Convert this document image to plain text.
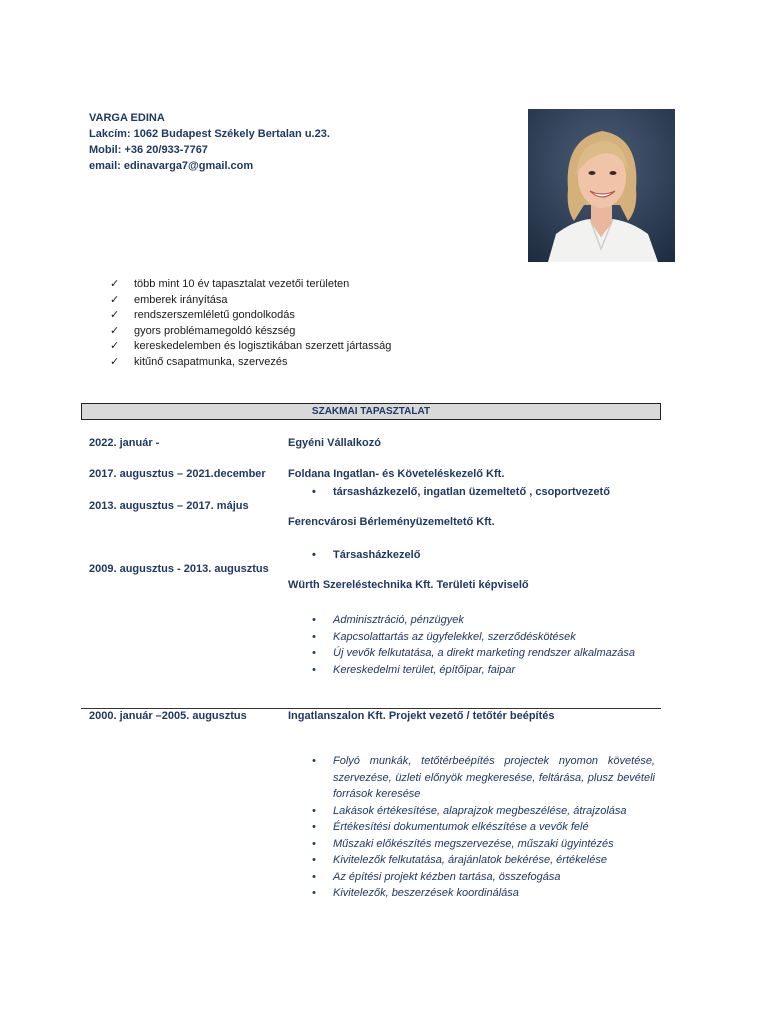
VARGA EDINA
Lakcím: 1062 Budapest Székely Bertalan u.23.
Mobil: +36 20/933-7767
email: edinavarga7@gmail.com
✓ több mint 10 év tapasztalat vezetői területen
✓ emberek irányítása
✓ rendszerszemléletű gondolkodás
✓ gyors problémamegoldó készség
✓ kereskedelemben és logisztikában szerzett jártasság
✓ kitűnő csapatmunka, szervezés
SZAKMAI TAPASZTALAT
2022. január -	Egyéni Vállalkozó
2017. augusztus – 2021.december Foldana Ingatlan- és Követeléskezelő Kft.
• társasházkezelő, ingatlan üzemeltető , csoportvezető
2013. augusztus – 2017. május
Ferencvárosi Bérleményüzemeltető Kft.
• Társasházkezelő
2009. augusztus - 2013. augusztus
Würth Szereléstechnika Kft. Területi képviselő
• Adminisztráció, pénzügyek
• Kapcsolattartás az ügyfelekkel, szerződéskötések
• Új vevők felkutatása, a direkt marketing rendszer alkalmazása
• Kereskedelmi terület, építőipar, faipar
2000. január –2005. augusztus	Ingatlanszalon Kft. Projekt vezető / tetőtér beépítés
• Folyó munkák, tetőtérbeépítés projectek nyomon követése, szervezése, üzleti előnyök megkeresése, feltárása, plusz bevételi források keresése
• Lakások értékesítése, alaprajzok megbeszélése, átrajzolása
• Értékesítési dokumentumok elkészítése a vevők felé
• Műszaki előkészítés megszervezése, műszaki ügyintézés
• Kivitelezők felkutatása, árajánlatok bekérése, értékelése
• Az építési projekt kézben tartása, összefogása
• Kivitelezők, beszerzések koordinálása
